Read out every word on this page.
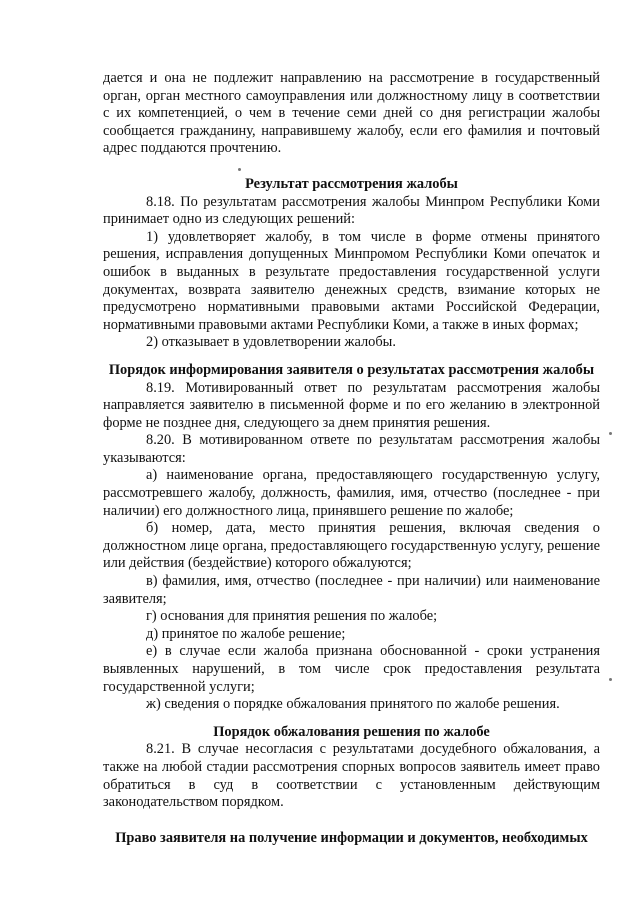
дается и она не подлежит направлению на рассмотрение в государственный орган, орган местного самоуправления или должностному лицу в соответствии с их компетенцией, о чем в течение семи дней со дня регистрации жалобы сообщается гражданину, направившему жалобу, если его фамилия и почтовый адрес поддаются прочтению.

Результат рассмотрения жалобы

8.18. По результатам рассмотрения жалобы Минпром Республики Коми принимает одно из следующих решений:

1) удовлетворяет жалобу, в том числе в форме отмены принятого решения, исправления допущенных Минпромом Республики Коми опечаток и ошибок в выданных в результате предоставления государственной услуги документах, возврата заявителю денежных средств, взимание которых не предусмотрено нормативными правовыми актами Российской Федерации, нормативными правовыми актами Республики Коми, а также в иных формах;

2) отказывает в удовлетворении жалобы.

Порядок информирования заявителя о результатах рассмотрения жалобы

8.19. Мотивированный ответ по результатам рассмотрения жалобы направляется заявителю в письменной форме и по его желанию в электронной форме не позднее дня, следующего за днем принятия решения.

8.20. В мотивированном ответе по результатам рассмотрения жалобы указываются:

а) наименование органа, предоставляющего государственную услугу, рассмотревшего жалобу, должность, фамилия, имя, отчество (последнее - при наличии) его должностного лица, принявшего решение по жалобе;

б) номер, дата, место принятия решения, включая сведения о должностном лице органа, предоставляющего государственную услугу, решение или действия (бездействие) которого обжалуются;

в) фамилия, имя, отчество (последнее - при наличии) или наименование заявителя;

г) основания для принятия решения по жалобе;

д) принятое по жалобе решение;

е) в случае если жалоба признана обоснованной - сроки устранения выявленных нарушений, в том числе срок предоставления результата государственной услуги;

ж) сведения о порядке обжалования принятого по жалобе решения.

Порядок обжалования решения по жалобе

8.21. В случае несогласия с результатами досудебного обжалования, а также на любой стадии рассмотрения спорных вопросов заявитель имеет право обратиться в суд в соответствии с установленным действующим законодательством порядком.

Право заявителя на получение информации и документов, необходимых
